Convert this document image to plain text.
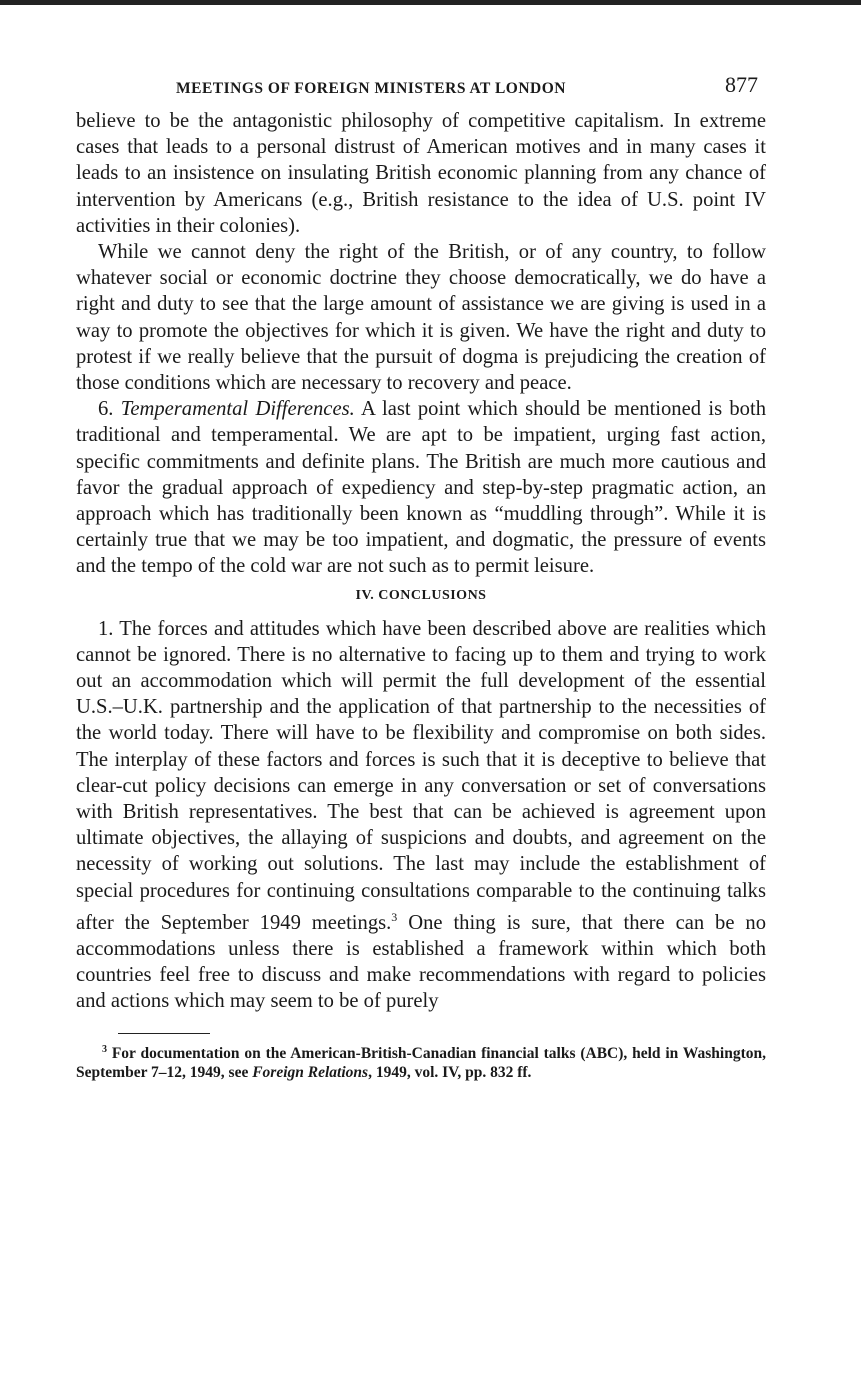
MEETINGS OF FOREIGN MINISTERS AT LONDON	877

believe to be the antagonistic philosophy of competitive capitalism. In extreme cases that leads to a personal distrust of American motives and in many cases it leads to an insistence on insulating British economic planning from any chance of intervention by Americans (e.g., British resistance to the idea of U.S. point IV activities in their colonies).

While we cannot deny the right of the British, or of any country, to follow whatever social or economic doctrine they choose democratically, we do have a right and duty to see that the large amount of assistance we are giving is used in a way to promote the objectives for which it is given. We have the right and duty to protest if we really believe that the pursuit of dogma is prejudicing the creation of those conditions which are necessary to recovery and peace.

6. Temperamental Differences. A last point which should be mentioned is both traditional and temperamental. We are apt to be impatient, urging fast action, specific commitments and definite plans. The British are much more cautious and favor the gradual approach of expediency and step-by-step pragmatic action, an approach which has traditionally been known as “muddling through”. While it is certainly true that we may be too impatient, and dogmatic, the pressure of events and the tempo of the cold war are not such as to permit leisure.

IV. CONCLUSIONS

1. The forces and attitudes which have been described above are realities which cannot be ignored. There is no alternative to facing up to them and trying to work out an accommodation which will permit the full development of the essential U.S.–U.K. partnership and the application of that partnership to the necessities of the world today. There will have to be flexibility and compromise on both sides. The interplay of these factors and forces is such that it is deceptive to believe that clear-cut policy decisions can emerge in any conversation or set of conversations with British representatives. The best that can be achieved is agreement upon ultimate objectives, the allaying of suspicions and doubts, and agreement on the necessity of working out solutions. The last may include the establishment of special procedures for continuing consultations comparable to the continuing talks after the September 1949 meetings.$^3$ One thing is sure, that there can be no accommodations unless there is established a framework within which both countries feel free to discuss and make recommendations with regard to policies and actions which may seem to be of purely

$^3$ For documentation on the American-British-Canadian financial talks (ABC), held in Washington, September 7–12, 1949, see Foreign Relations, 1949, vol. IV, pp. 832 ff.
